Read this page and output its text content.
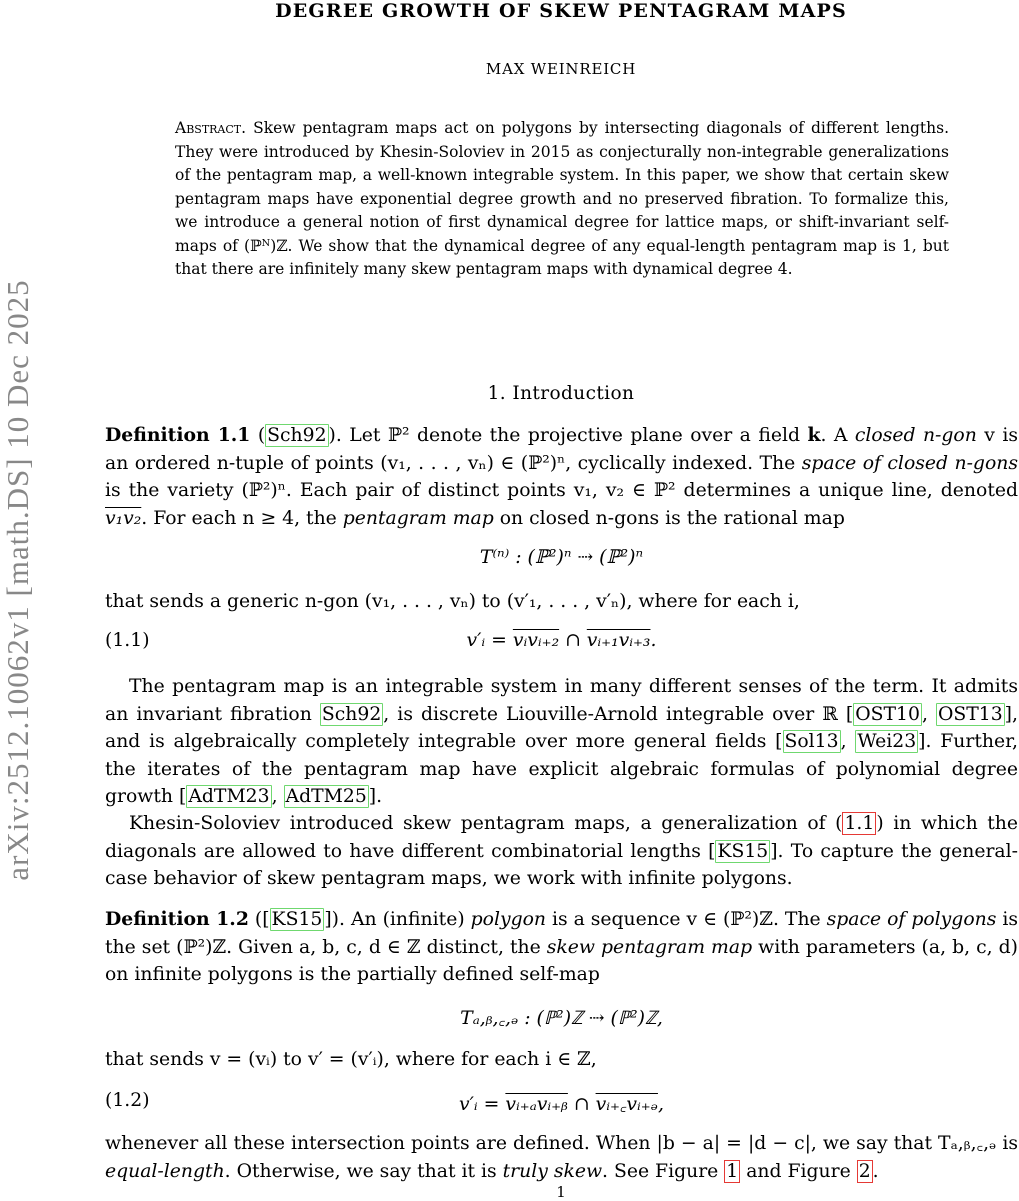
arXiv:2512.10062v1 [math.DS] 10 Dec 2025
DEGREE GROWTH OF SKEW PENTAGRAM MAPS
MAX WEINREICH
Abstract. Skew pentagram maps act on polygons by intersecting diagonals of different lengths. They were introduced by Khesin-Soloviev in 2015 as conjecturally non-integrable generalizations of the pentagram map, a well-known integrable system. In this paper, we show that certain skew pentagram maps have exponential degree growth and no preserved fibration. To formalize this, we introduce a general notion of first dynamical degree for lattice maps, or shift-invariant self-maps of (ℙᴺ)ℤ. We show that the dynamical degree of any equal-length pentagram map is 1, but that there are infinitely many skew pentagram maps with dynamical degree 4.
1. Introduction
Definition 1.1 ( Sch92 ). Let ℙ² denote the projective plane over a field k. A closed n-gon v is an ordered n-tuple of points (v₁, . . . , vₙ) ∈ (ℙ²)ⁿ, cyclically indexed. The space of closed n-gons is the variety (ℙ²)ⁿ. Each pair of distinct points v₁, v₂ ∈ ℙ² determines a unique line, denoted v₁v₂. For each n ≥ 4, the pentagram map on closed n-gons is the rational map
T⁽ⁿ⁾ : (ℙ²)ⁿ ⇢ (ℙ²)ⁿ
that sends a generic n-gon (v₁, . . . , vₙ) to (v′₁, . . . , v′ₙ), where for each i,
(1.1)	v′ᵢ = vᵢvᵢ₊₂ ∩ vᵢ₊₁vᵢ₊₃.
The pentagram map is an integrable system in many different senses of the term. It admits an invariant fibration Sch92 , is discrete Liouville-Arnold integrable over ℝ [ OST10 , OST13 ], and is algebraically completely integrable over more general fields [ Sol13 , Wei23 ]. Further, the iterates of the pentagram map have explicit algebraic formulas of polynomial degree growth [ AdTM23 , AdTM25 ].
Khesin-Soloviev introduced skew pentagram maps, a generalization of ( 1.1 ) in which the diagonals are allowed to have different combinatorial lengths [ KS15 ]. To capture the general-case behavior of skew pentagram maps, we work with infinite polygons.
Definition 1.2 ([ KS15 ]). An (infinite) polygon is a sequence v ∈ (ℙ²)ℤ. The space of polygons is the set (ℙ²)ℤ. Given a, b, c, d ∈ ℤ distinct, the skew pentagram map with parameters (a, b, c, d) on infinite polygons is the partially defined self-map
Tₐ,ᵦ,꜀,ₔ : (ℙ²)ℤ ⇢ (ℙ²)ℤ,
that sends v = (vᵢ) to v′ = (v′ᵢ), where for each i ∈ ℤ,
(1.2)	v′ᵢ = vᵢ₊ₐvᵢ₊ᵦ ∩ vᵢ₊꜀vᵢ₊ₔ,
whenever all these intersection points are defined. When |b − a| = |d − c|, we say that Tₐ,ᵦ,꜀,ₔ is equal-length. Otherwise, we say that it is truly skew. See Figure 1 and Figure 2 .
1
